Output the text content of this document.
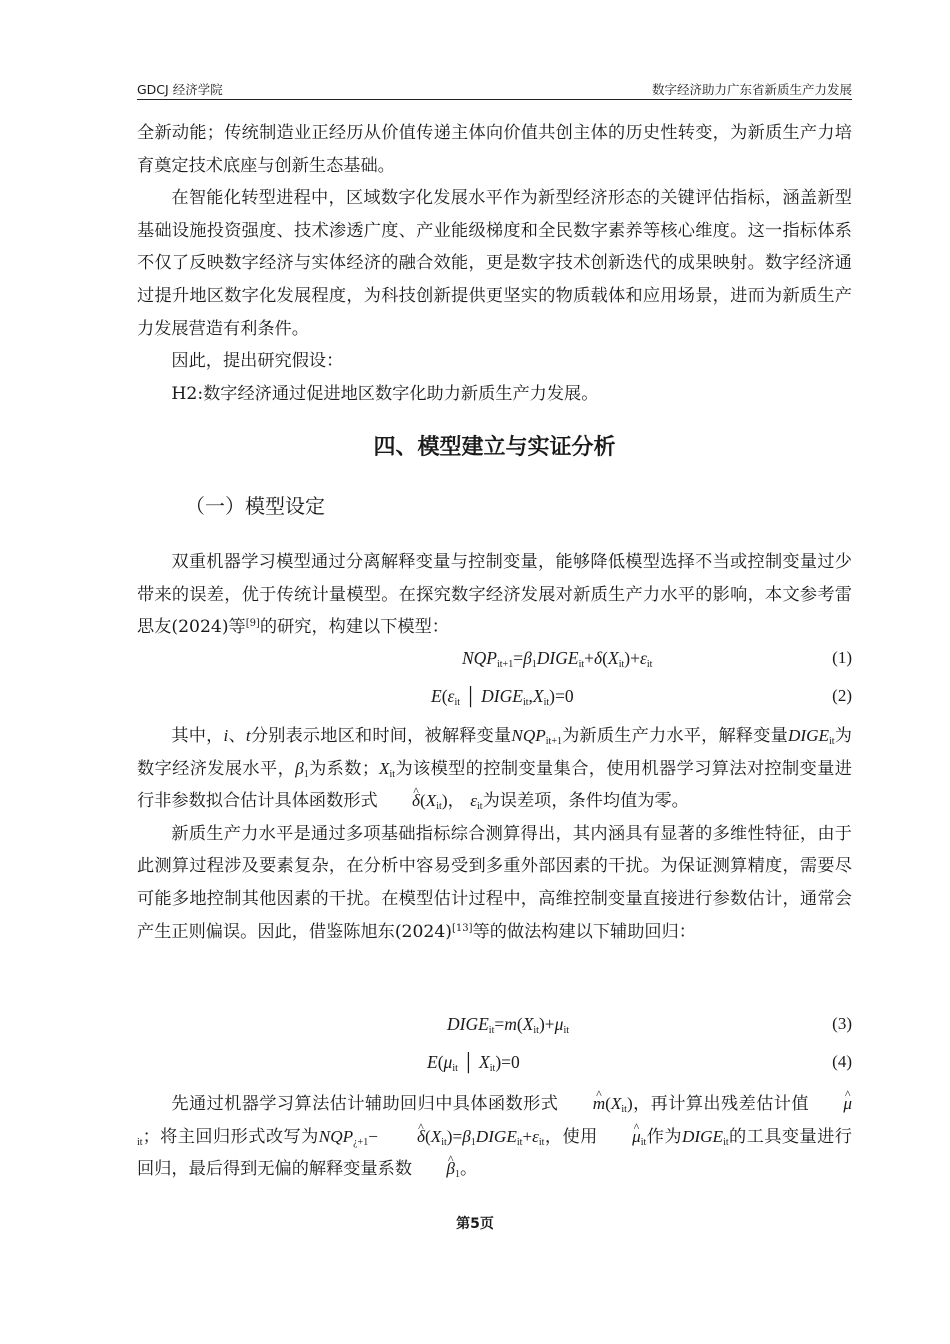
GDCJ 经济学院	数字经济助力广东省新质生产力发展

全新动能；传统制造业正经历从价值传递主体向价值共创主体的历史性转变，为新质生产力培育奠定技术底座与创新生态基础。

在智能化转型进程中，区域数字化发展水平作为新型经济形态的关键评估指标，涵盖新型基础设施投资强度、技术渗透广度、产业能级梯度和全民数字素养等核心维度。这一指标体系不仅了反映数字经济与实体经济的融合效能，更是数字技术创新迭代的成果映射。数字经济通过提升地区数字化发展程度，为科技创新提供更坚实的物质载体和应用场景，进而为新质生产力发展营造有利条件。

因此，提出研究假设：

H2:数字经济通过促进地区数字化助力新质生产力发展。

四、模型建立与实证分析
（一）模型设定

双重机器学习模型通过分离解释变量与控制变量，能够降低模型选择不当或控制变量过少带来的误差，优于传统计量模型。在探究数字经济发展对新质生产力水平的影响，本文参考雷思友(2024)等[9]的研究，构建以下模型：

$NQP_{it+1}=\beta_1DIGE_{it}+\delta(X_{it})+\varepsilon_{it}$	(1)
$E(\varepsilon_{it}$ │ $DIGE_{it},X_{it})=0$	(2)

其中，i、t分别表示地区和时间，被解释变量$NQP_{it+1}$为新质生产力水平，解释变量$DIGE_{it}$为数字经济发展水平，$\beta_1$为系数；$X_{it}$为该模型的控制变量集合，使用机器学习算法对控制变量进行非参数拟合估计具体函数形式 ^ $\delta(X_{it})$， $\varepsilon_{it}$为误差项，条件均值为零。

新质生产力水平是通过多项基础指标综合测算得出，其内涵具有显著的多维性特征，由于此测算过程涉及要素复杂，在分析中容易受到多重外部因素的干扰。为保证测算精度，需要尽可能多地控制其他因素的干扰。在模型估计过程中，高维控制变量直接进行参数估计，通常会产生正则偏误。因此，借鉴陈旭东(2024)[13]等的做法构建以下辅助回归：

$DIGE_{it}=m(X_{it})+\mu_{it}$	(3)
$E(\mu_{it}$ │ $X_{it})=0$	(4)

先通过机器学习算法估计辅助回归中具体函数形式 ^ $m(X_{it})$，再计算出残差估计值 ^ $\mu_{it}$；将主回归形式改写为$NQP_{¿+1}-$ ^ $\delta(X_{it})=\beta_1DIGE_{it}+\varepsilon_{it}$，使用 ^ $\mu_{it}$作为$DIGE_{it}$的工具变量进行回归，最后得到无偏的解释变量系数 ^ $\beta_1$。

第5页
